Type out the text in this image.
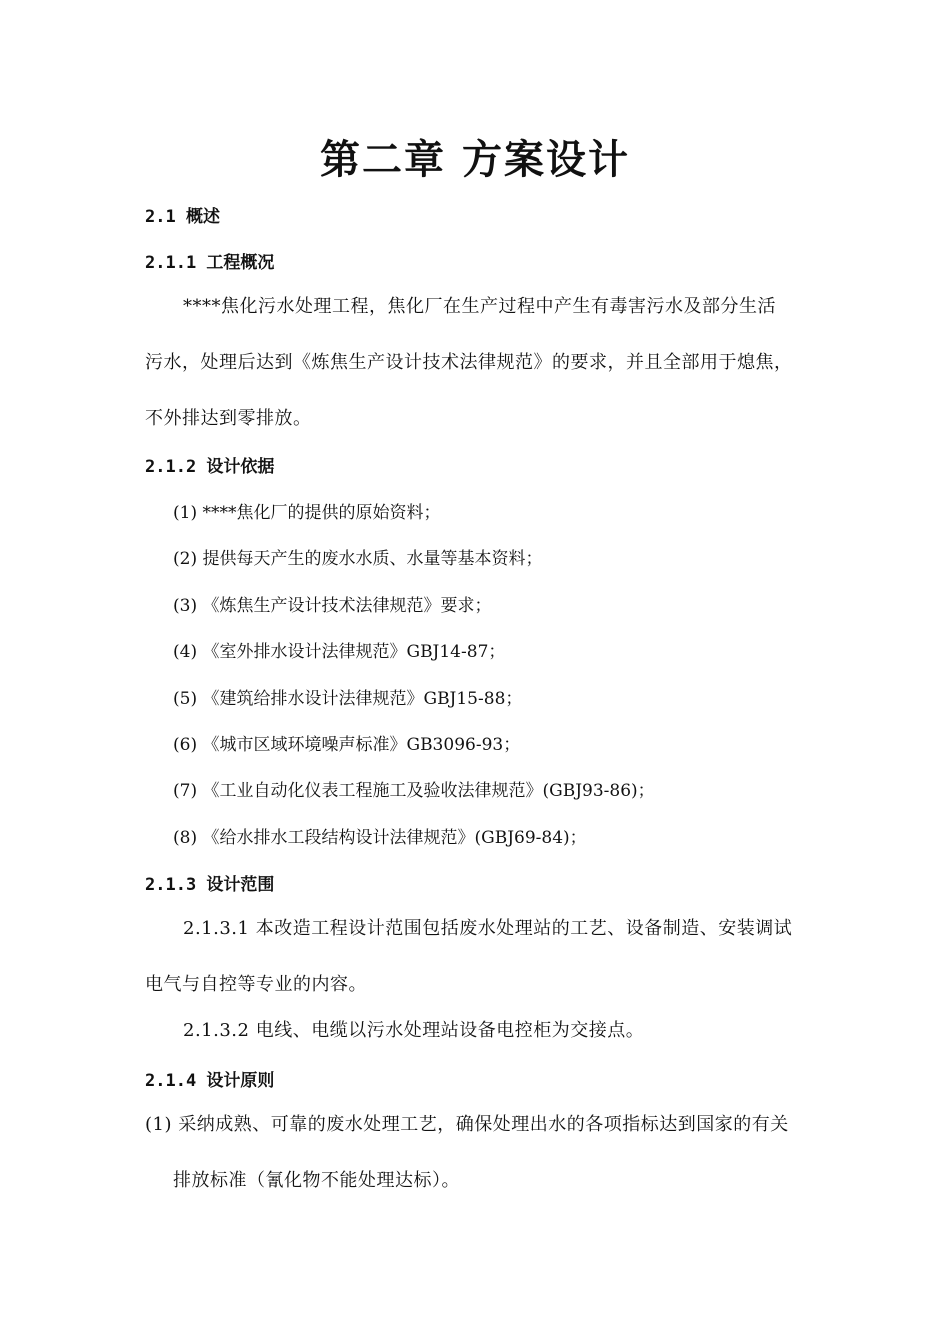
第二章 方案设计
2.1 概述
2.1.1 工程概况
****焦化污水处理工程，焦化厂在生产过程中产生有毒害污水及部分生活
污水，处理后达到《炼焦生产设计技术法律规范》的要求，并且全部用于熄焦，
不外排达到零排放。
2.1.2 设计依据
(1) ****焦化厂的提供的原始资料；
(2) 提供每天产生的废水水质、水量等基本资料；
(3) 《炼焦生产设计技术法律规范》要求；
(4) 《室外排水设计法律规范》GBJ14-87；
(5) 《建筑给排水设计法律规范》GBJ15-88；
(6) 《城市区域环境噪声标准》GB3096-93；
(7) 《工业自动化仪表工程施工及验收法律规范》(GBJ93-86)；
(8) 《给水排水工段结构设计法律规范》(GBJ69-84)；
2.1.3 设计范围
2.1.3.1 本改造工程设计范围包括废水处理站的工艺、设备制造、安装调试
电气与自控等专业的内容。
2.1.3.2 电线、电缆以污水处理站设备电控柜为交接点。
2.1.4 设计原则
(1) 采纳成熟、可靠的废水处理工艺，确保处理出水的各项指标达到国家的有关
排放标准（氰化物不能处理达标）。
